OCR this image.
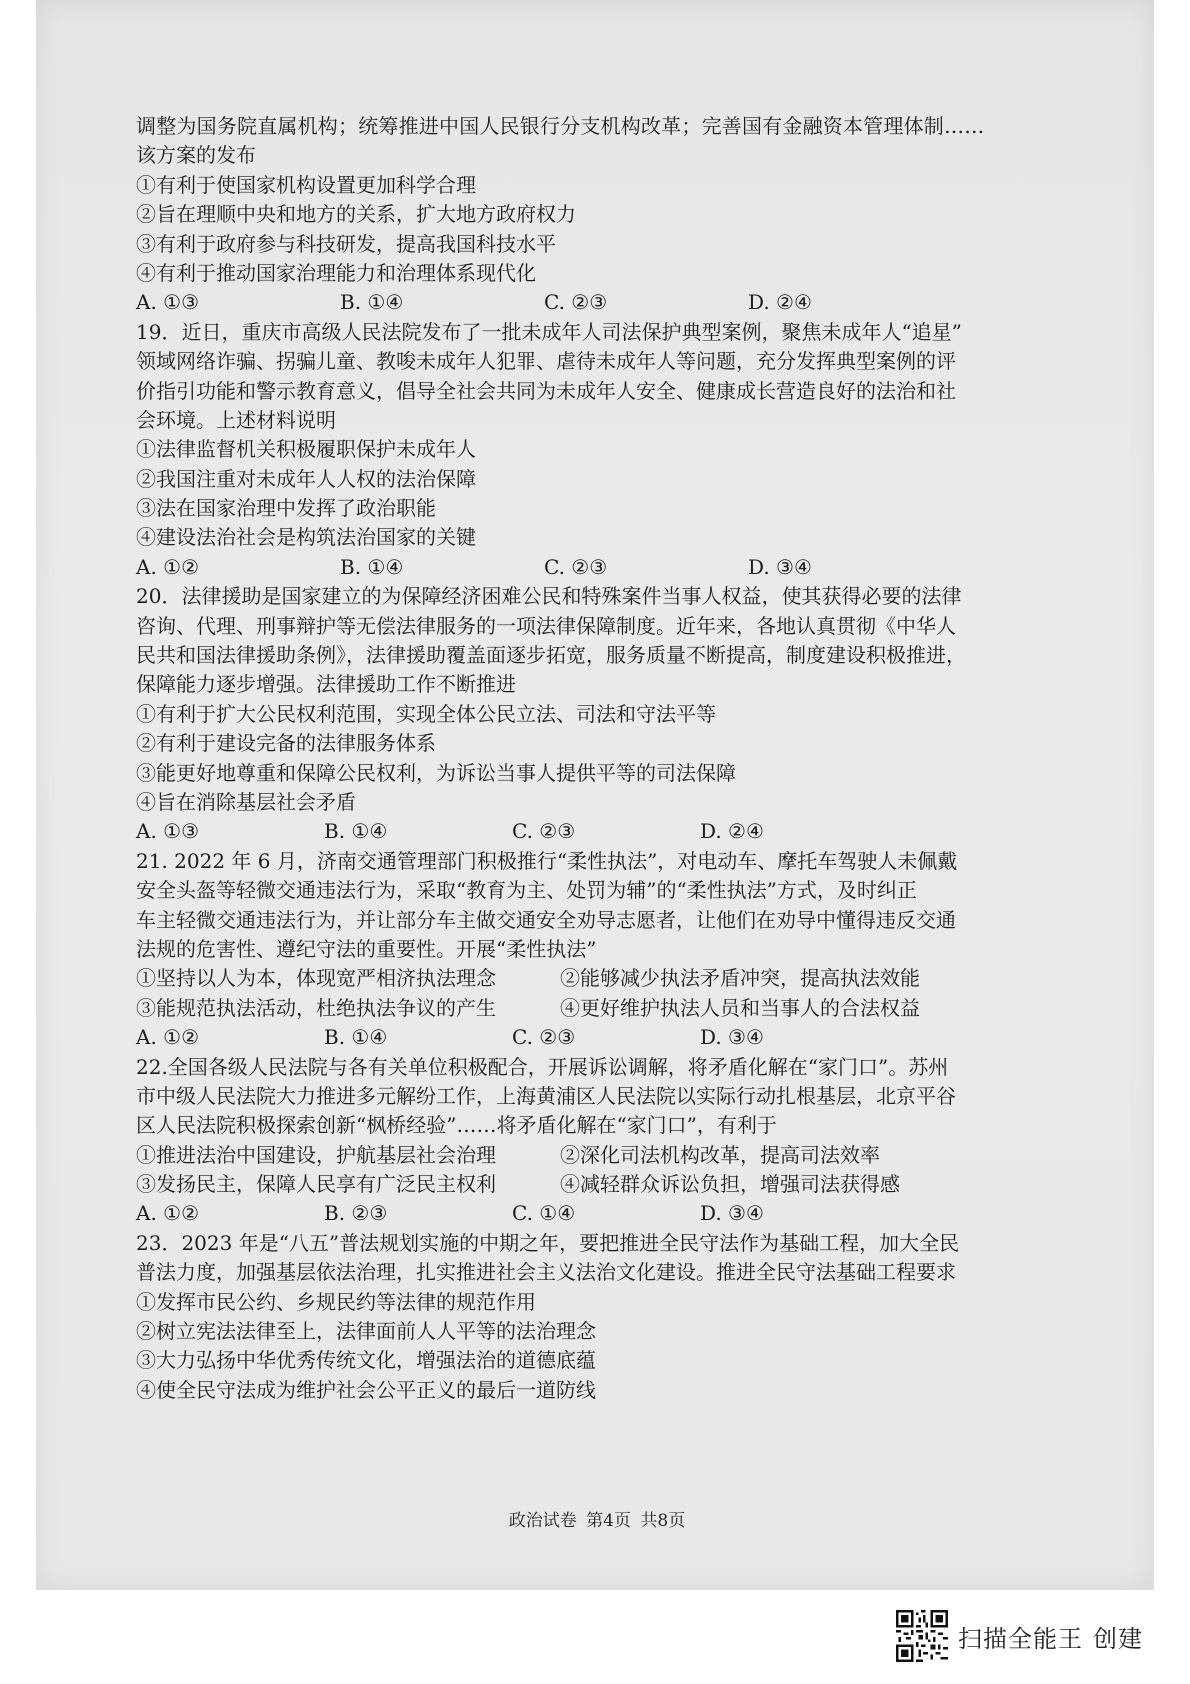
调整为国务院直属机构；统筹推进中国人民银行分支机构改革；完善国有金融资本管理体制……
该方案的发布
①有利于使国家机构设置更加科学合理
②旨在理顺中央和地方的关系，扩大地方政府权力
③有利于政府参与科技研发，提高我国科技水平
④有利于推动国家治理能力和治理体系现代化
A. ①③	B. ①④	C. ②③	D. ②④
19．近日，重庆市高级人民法院发布了一批未成年人司法保护典型案例，聚焦未成年人“追星”
领域网络诈骗、拐骗儿童、教唆未成年人犯罪、虐待未成年人等问题，充分发挥典型案例的评
价指引功能和警示教育意义，倡导全社会共同为未成年人安全、健康成长营造良好的法治和社
会环境。上述材料说明
①法律监督机关积极履职保护未成年人
②我国注重对未成年人人权的法治保障
③法在国家治理中发挥了政治职能
④建设法治社会是构筑法治国家的关键
A. ①②	B. ①④	C. ②③	D. ③④
20．法律援助是国家建立的为保障经济困难公民和特殊案件当事人权益，使其获得必要的法律
咨询、代理、刑事辩护等无偿法律服务的一项法律保障制度。近年来，各地认真贯彻《中华人
民共和国法律援助条例》，法律援助覆盖面逐步拓宽，服务质量不断提高，制度建设积极推进，
保障能力逐步增强。法律援助工作不断推进
①有利于扩大公民权利范围，实现全体公民立法、司法和守法平等
②有利于建设完备的法律服务体系
③能更好地尊重和保障公民权利，为诉讼当事人提供平等的司法保障
④旨在消除基层社会矛盾
A. ①③	B. ①④	C. ②③	D. ②④
21. 2022 年 6 月，济南交通管理部门积极推行“柔性执法”，对电动车、摩托车驾驶人未佩戴
安全头盔等轻微交通违法行为，采取“教育为主、处罚为辅”的“柔性执法”方式，及时纠正
车主轻微交通违法行为，并让部分车主做交通安全劝导志愿者，让他们在劝导中懂得违反交通
法规的危害性、遵纪守法的重要性。开展“柔性执法”
①坚持以人为本，体现宽严相济执法理念	②能够减少执法矛盾冲突，提高执法效能
③能规范执法活动，杜绝执法争议的产生	④更好维护执法人员和当事人的合法权益
A. ①②	B. ①④	C. ②③	D. ③④
22.全国各级人民法院与各有关单位积极配合，开展诉讼调解，将矛盾化解在“家门口”。苏州
市中级人民法院大力推进多元解纷工作，上海黄浦区人民法院以实际行动扎根基层，北京平谷
区人民法院积极探索创新“枫桥经验”……将矛盾化解在“家门口”，有利于
①推进法治中国建设，护航基层社会治理	②深化司法机构改革，提高司法效率
③发扬民主，保障人民享有广泛民主权利	④减轻群众诉讼负担，增强司法获得感
A. ①②	B. ②③	C. ①④	D. ③④
23．2023 年是“八五”普法规划实施的中期之年，要把推进全民守法作为基础工程，加大全民
普法力度，加强基层依法治理，扎实推进社会主义法治文化建设。推进全民守法基础工程要求
①发挥市民公约、乡规民约等法律的规范作用
②树立宪法法律至上，法律面前人人平等的法治理念
③大力弘扬中华优秀传统文化，增强法治的道德底蕴
④使全民守法成为维护社会公平正义的最后一道防线
政治试卷 第4页 共8页
扫描全能王 创建
